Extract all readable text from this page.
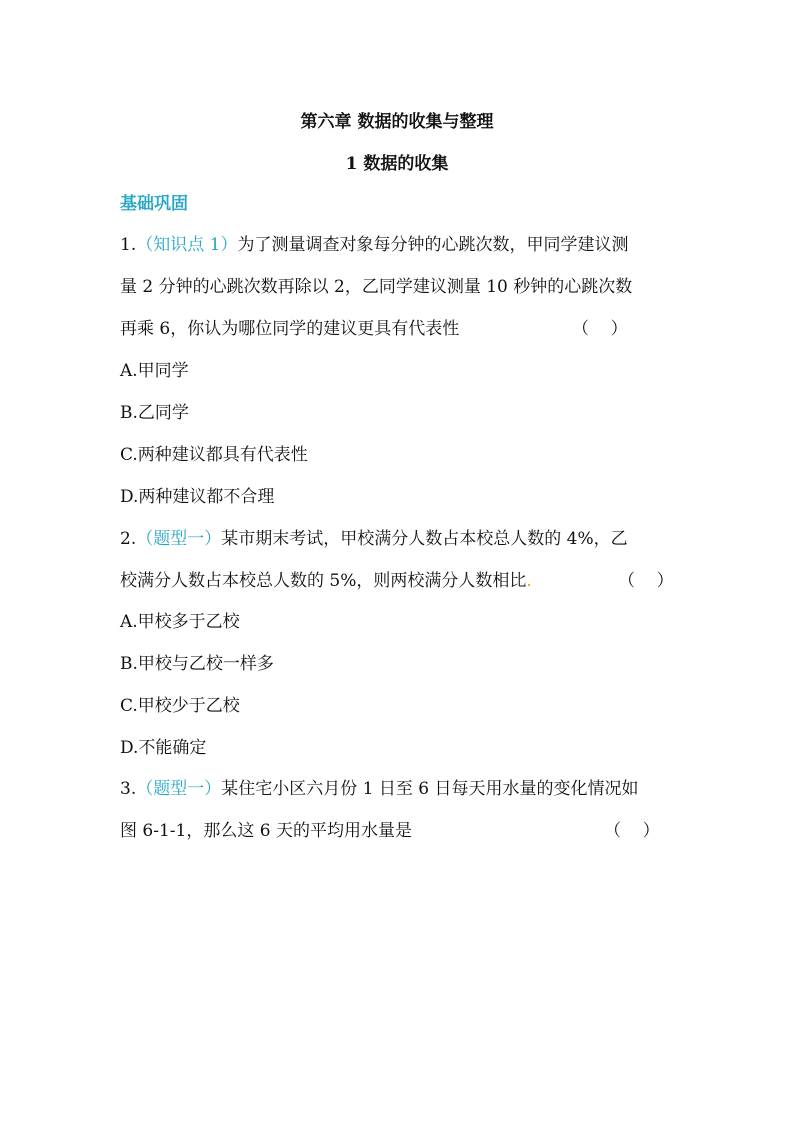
第六章 数据的收集与整理
1 数据的收集
基础巩固
1.（知识点 1）为了测量调查对象每分钟的心跳次数，甲同学建议测
量 2 分钟的心跳次数再除以 2，乙同学建议测量 10 秒钟的心跳次数
再乘 6，你认为哪位同学的建议更具有代表性	（    ）
A.甲同学
B.乙同学
C.两种建议都具有代表性
D.两种建议都不合理
2.（题型一）某市期末考试，甲校满分人数占本校总人数的 4%，乙
校满分人数占本校总人数的 5%，则两校满分人数相比.	（    ）
A.甲校多于乙校
B.甲校与乙校一样多
C.甲校少于乙校
D.不能确定
3.（题型一）某住宅小区六月份 1 日至 6 日每天用水量的变化情况如
图 6-1-1，那么这 6 天的平均用水量是	（    ）
